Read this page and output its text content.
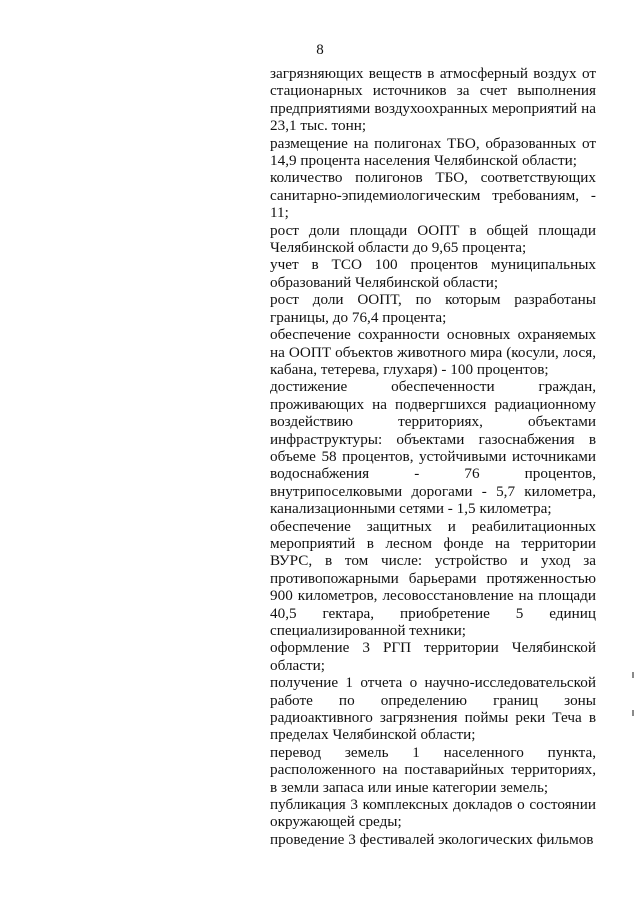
8

загрязняющих веществ в атмосферный воздух от стационарных источников за счет выполнения предприятиями воздухоохранных мероприятий на 23,1 тыс. тонн;

размещение на полигонах ТБО, образованных от 14,9 процента населения Челябинской области;

количество полигонов ТБО, соответствующих санитарно-эпидемиологическим требованиям, - 11;

рост доли площади ООПТ в общей площади Челябинской области до 9,65 процента;

учет в ТСО 100 процентов муниципальных образований Челябинской области;

рост доли ООПТ, по которым разработаны границы, до 76,4 процента;

обеспечение сохранности основных охраняемых на ООПТ объектов животного мира (косули, лося, кабана, тетерева, глухаря) - 100 процентов;

достижение обеспеченности граждан, проживающих на подвергшихся радиационному воздействию территориях, объектами инфраструктуры: объектами газоснабжения в объеме 58 процентов, устойчивыми источниками водоснабжения - 76 процентов, внутрипоселковыми дорогами - 5,7 километра, канализационными сетями - 1,5 километра;

обеспечение защитных и реабилитационных мероприятий в лесном фонде на территории ВУРС, в том числе: устройство и уход за противопожарными барьерами протяженностью 900 километров, лесовосстановление на площади 40,5 гектара, приобретение 5 единиц специализированной техники;

оформление 3 РГП территории Челябинской области;

получение 1 отчета о научно-исследовательской работе по определению границ зоны радиоактивного загрязнения поймы реки Теча в пределах Челябинской области;

перевод земель 1 населенного пункта, расположенного на поставарийных территориях, в земли запаса или иные категории земель;

публикация 3 комплексных докладов о состоянии окружающей среды;

проведение 3 фестивалей экологических фильмов
